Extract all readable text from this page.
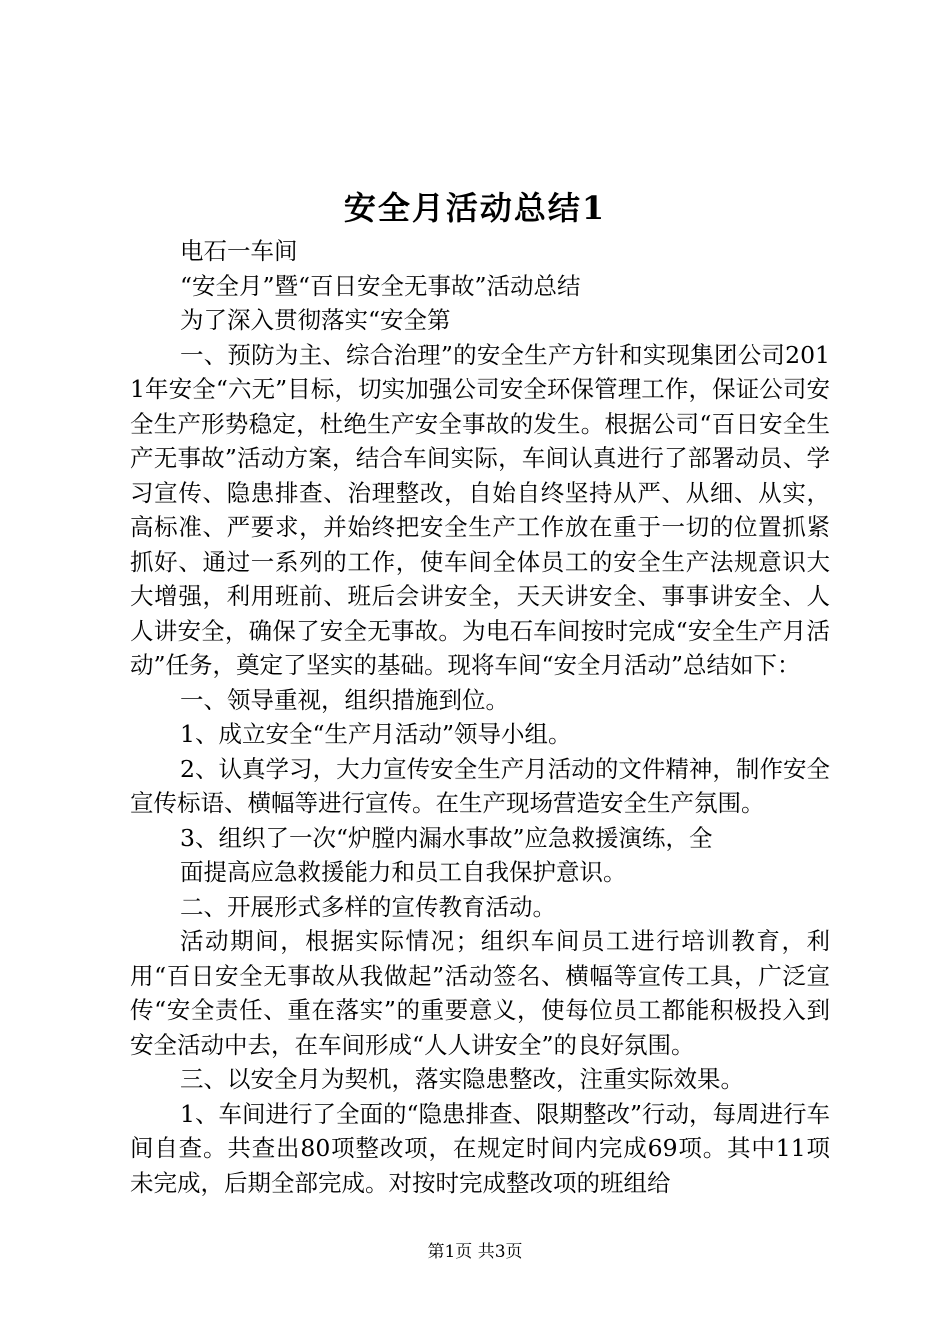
安全月活动总结1

电石一车间

“安全月”暨“百日安全无事故”活动总结

为了深入贯彻落实“安全第

一、预防为主、综合治理”的安全生产方针和实现集团公司2011年安全“六无”目标，切实加强公司安全环保管理工作，保证公司安全生产形势稳定，杜绝生产安全事故的发生。根据公司“百日安全生产无事故”活动方案，结合车间实际，车间认真进行了部署动员、学习宣传、隐患排查、治理整改，自始自终坚持从严、从细、从实，高标准、严要求，并始终把安全生产工作放在重于一切的位置抓紧抓好、通过一系列的工作，使车间全体员工的安全生产法规意识大大增强，利用班前、班后会讲安全，天天讲安全、事事讲安全、人人讲安全，确保了安全无事故。为电石车间按时完成“安全生产月活动”任务，奠定了坚实的基础。现将车间“安全月活动”总结如下：

一、领导重视，组织措施到位。

1、成立安全“生产月活动”领导小组。

2、认真学习，大力宣传安全生产月活动的文件精神，制作安全宣传标语、横幅等进行宣传。在生产现场营造安全生产氛围。

3、组织了一次“炉膛内漏水事故”应急救援演练，全

面提高应急救援能力和员工自我保护意识。

二、开展形式多样的宣传教育活动。

活动期间，根据实际情况；组织车间员工进行培训教育，利用“百日安全无事故从我做起”活动签名、横幅等宣传工具，广泛宣传“安全责任、重在落实”的重要意义，使每位员工都能积极投入到安全活动中去，在车间形成“人人讲安全”的良好氛围。

三、以安全月为契机，落实隐患整改，注重实际效果。

1、车间进行了全面的“隐患排查、限期整改”行动，每周进行车间自查。共查出80项整改项，在规定时间内完成69项。其中11项未完成，后期全部完成。对按时完成整改项的班组给

第1页 共3页
